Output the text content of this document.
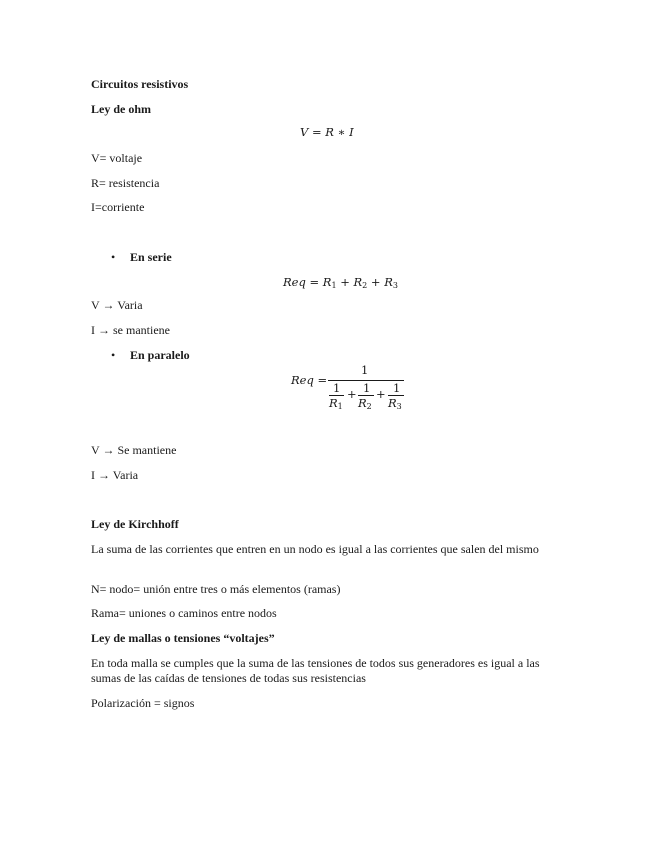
Circuitos resistivos
Ley de ohm
V = R ∗ I
V= voltaje
R= resistencia
I=corriente
• En serie
Req = $R_1 + R_2 + R_3$
V → Varia
I → se mantiene
• En paralelo
Req =
1
1
$R_1$
+ 1
$R_2$
+ 1
$R_3$
V → Se mantiene
I → Varia
Ley de Kirchhoff
La suma de las corrientes que entren en un nodo es igual a las corrientes que salen del mismo
N= nodo= unión entre tres o más elementos (ramas)
Rama= uniones o caminos entre nodos
Ley de mallas o tensiones “voltajes”
En toda malla se cumples que la suma de las tensiones de todos sus generadores es igual a las sumas de las caídas de tensiones de todas sus resistencias
Polarización = signos
